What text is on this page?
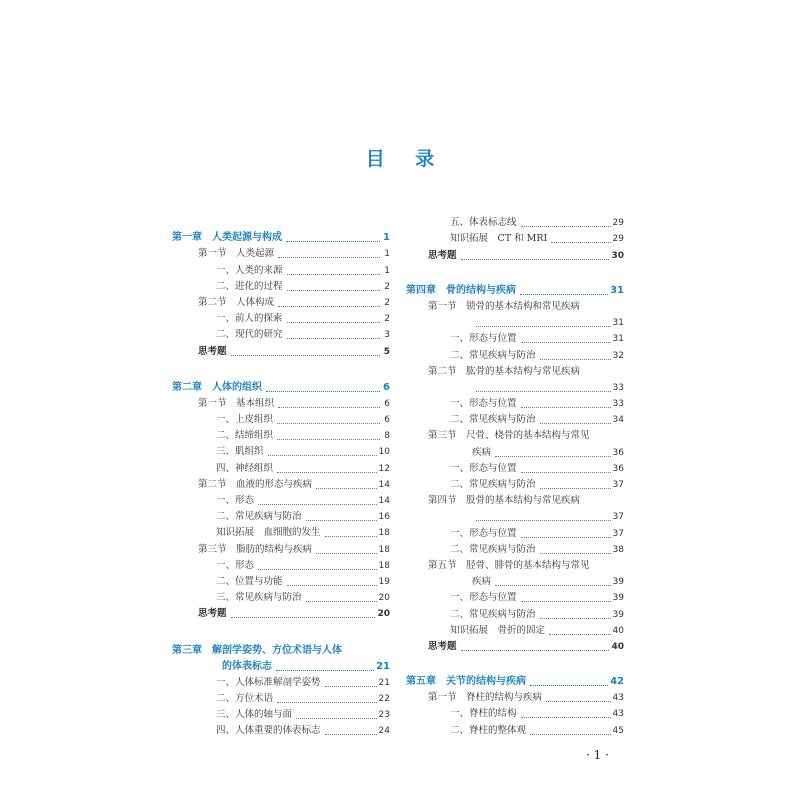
目 录
第一章　人类起源与构成	1
第一节　人类起源	1
一、人类的来源	1
二、进化的过程	2
第二节　人体构成	2
一、前人的探索	2
二、现代的研究	3
思考题	5
第二章　人体的组织	6
第一节　基本组织	6
一、上皮组织	6
二、结缔组织	8
三、肌组织	10
四、神经组织	12
第二节　血液的形态与疾病	14
一、形态	14
二、常见疾病与防治	16
知识拓展　血细胞的发生	18
第三节　脂肪的结构与疾病	18
一、形态	18
二、位置与功能	19
三、常见疾病与防治	20
思考题	20
第三章　解剖学姿势、方位术语与人体
的体表标志	21
一、人体标准解剖学姿势	21
二、方位术语	22
三、人体的轴与面	23
四、人体重要的体表标志	24
五、体表标志线	29
知识拓展　CT 和 MRI	29
思考题	30
第四章　骨的结构与疾病	31
第一节　锁骨的基本结构和常见疾病
31
一、形态与位置	31
二、常见疾病与防治	32
第二节　肱骨的基本结构与常见疾病
33
一、形态与位置	33
二、常见疾病与防治	34
第三节　尺骨、桡骨的基本结构与常见
疾病	36
一、形态与位置	36
二、常见疾病与防治	37
第四节　股骨的基本结构与常见疾病
37
一、形态与位置	37
二、常见疾病与防治	38
第五节　胫骨、腓骨的基本结构与常见
疾病	39
一、形态与位置	39
二、常见疾病与防治	39
知识拓展　骨折的固定	40
思考题	40
第五章　关节的结构与疾病	42
第一节　脊柱的结构与疾病	43
一、脊柱的结构	43
二、脊柱的整体观	45
· 1 ·
